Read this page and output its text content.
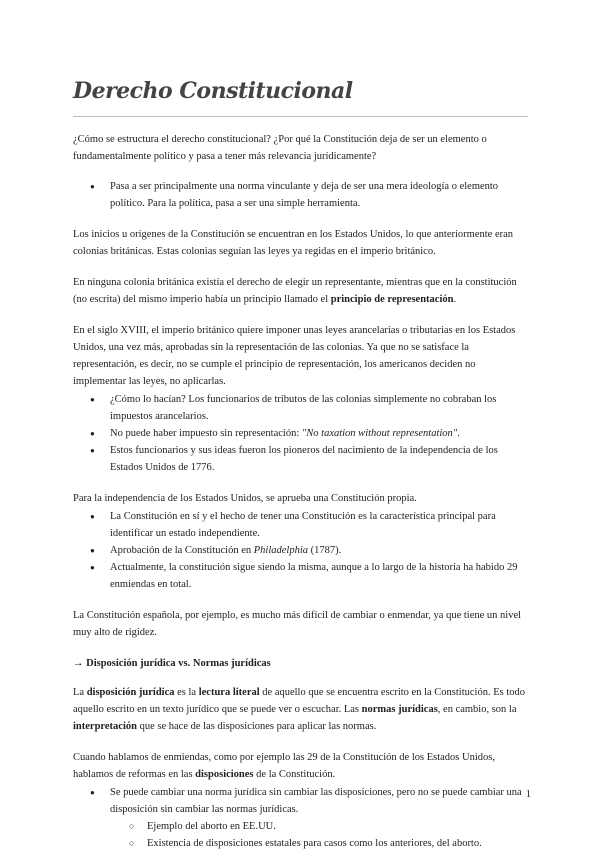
Derecho Constitucional

¿Cómo se estructura el derecho constitucional? ¿Por qué la Constitución deja de ser un elemento o fundamentalmente político y pasa a tener más relevancia jurídicamente?

● Pasa a ser principalmente una norma vinculante y deja de ser una mera ideología o elemento político. Para la política, pasa a ser una simple herramienta.

Los inicios u orígenes de la Constitución se encuentran en los Estados Unidos, lo que anteriormente eran colonias británicas. Estas colonias seguían las leyes ya regidas en el imperio británico.

En ninguna colonia británica existía el derecho de elegir un representante, mientras que en la constitución (no escrita) del mismo imperio había un principio llamado el principio de representación.

En el siglo XVIII, el imperio británico quiere imponer unas leyes arancelarias o tributarias en los Estados Unidos, una vez más, aprobadas sin la representación de las colonias. Ya que no se satisface la representación, es decir, no se cumple el principio de representación, los americanos deciden no implementar las leyes, no aplicarlas.

● ¿Cómo lo hacían? Los funcionarios de tributos de las colonias simplemente no cobraban los impuestos arancelarios.
● No puede haber impuesto sin representación: "No taxation without representation".
● Estos funcionarios y sus ideas fueron los pioneros del nacimiento de la independencia de los Estados Unidos de 1776.

Para la independencia de los Estados Unidos, se aprueba una Constitución propia.

● La Constitución en sí y el hecho de tener una Constitución es la característica principal para identificar un estado independiente.
● Aprobación de la Constitución en Philadelphia (1787).
● Actualmente, la constitución sigue siendo la misma, aunque a lo largo de la historia ha habido 29 enmiendas en total.

La Constitución española, por ejemplo, es mucho más difícil de cambiar o enmendar, ya que tiene un nivel muy alto de rigidez.

→ Disposición jurídica vs. Normas jurídicas

La disposición jurídica es la lectura literal de aquello que se encuentra escrito en la Constitución. Es todo aquello escrito en un texto jurídico que se puede ver o escuchar. Las normas jurídicas, en cambio, son la interpretación que se hace de las disposiciones para aplicar las normas.

Cuando hablamos de enmiendas, como por ejemplo las 29 de la Constitución de los Estados Unidos, hablamos de reformas en las disposiciones de la Constitución.

● Se puede cambiar una norma jurídica sin cambiar las disposiciones, pero no se puede cambiar una disposición sin cambiar las normas jurídicas.
○ Ejemplo del aborto en EE.UU.
○ Existencia de disposiciones estatales para casos como los anteriores, del aborto.
1
